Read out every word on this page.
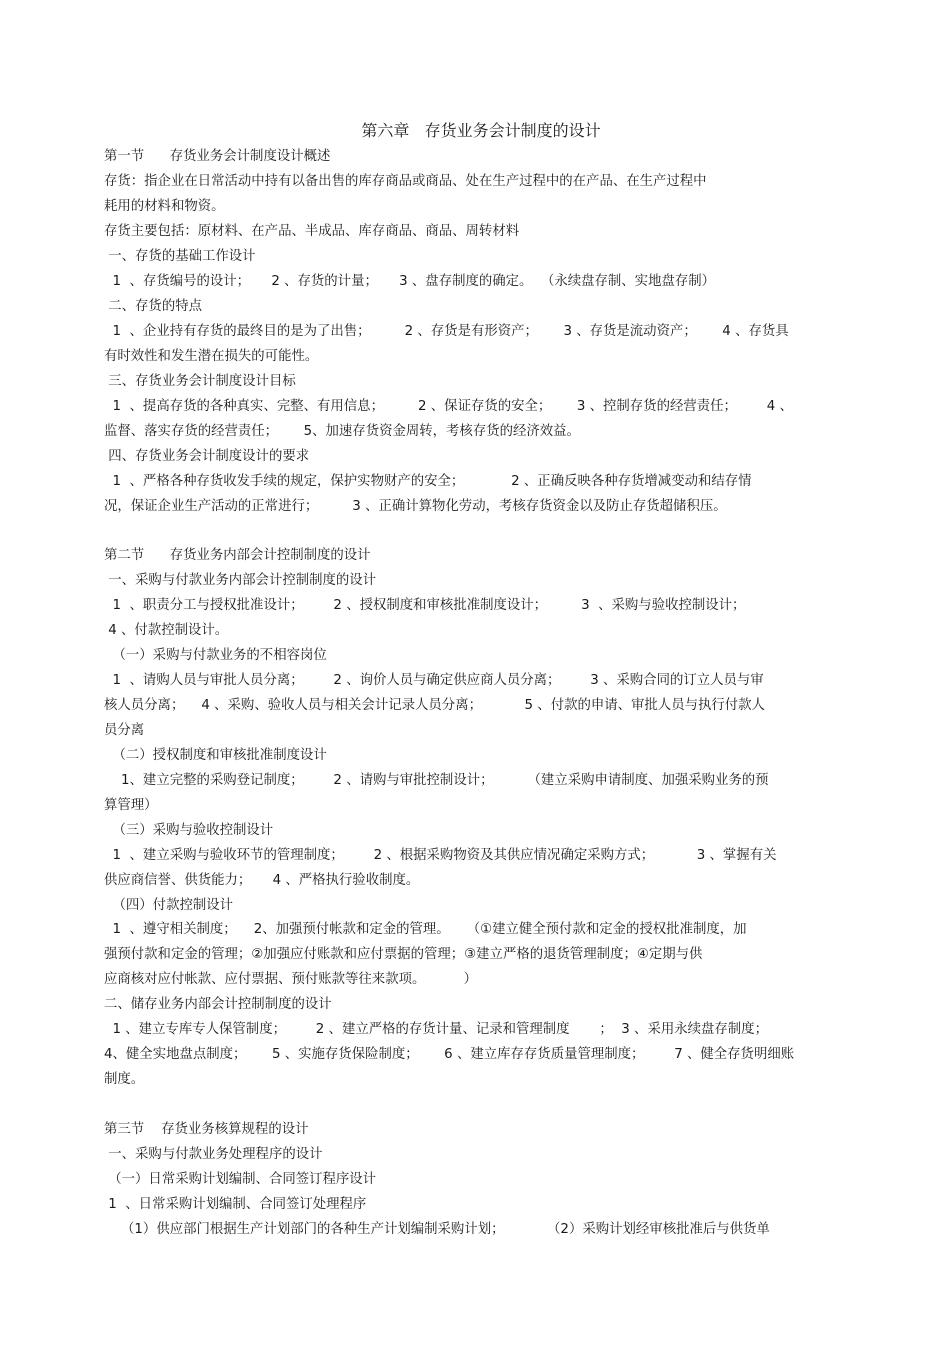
第六章   存货业务会计制度的设计
第一节      存货业务会计制度设计概述
存货：指企业在日常活动中持有以备出售的库存商品或商品、处在生产过程中的在产品、在生产过程中
耗用的材料和物资。
存货主要包括：原材料、在产品、半成品、库存商品、商品、周转材料
一、存货的基础工作设计
1  、存货编号的设计；     2 、存货的计量；     3 、盘存制度的确定。  （永续盘存制、实地盘存制）
二、存货的特点
1  、企业持有存货的最终目的是为了出售；        2 、存货是有形资产；      3 、存货是流动资产；      4 、存货具
有时效性和发生潜在损失的可能性。
三、存货业务会计制度设计目标
1  、提高存货的各种真实、完整、有用信息；        2 、保证存货的安全；      3 、控制存货的经营责任；       4 、
监督、落实存货的经营责任；      5、加速存货资金周转，考核存货的经济效益。
四、存货业务会计制度设计的要求
1  、严格各种存货收发手续的规定，保护实物财产的安全；           2 、正确反映各种存货增减变动和结存情
况，保证企业生产活动的正常进行；        3 、正确计算物化劳动，考核存货资金以及防止存货超储积压。
第二节      存货业务内部会计控制制度的设计
一、采购与付款业务内部会计控制制度的设计
1  、职责分工与授权批准设计；       2 、授权制度和审核批准制度设计；        3  、采购与验收控制设计；
4 、付款控制设计。
（一）采购与付款业务的不相容岗位
1  、请购人员与审批人员分离；       2 、询价人员与确定供应商人员分离；       3 、采购合同的订立人员与审
核人员分离；    4 、采购、验收人员与相关会计记录人员分离；          5 、付款的申请、审批人员与执行付款人
员分离
（二）授权制度和审核批准制度设计
1、建立完整的采购登记制度；       2 、请购与审批控制设计；        （建立采购申请制度、加强采购业务的预
算管理）
（三）采购与验收控制设计
1  、建立采购与验收环节的管理制度；       2 、根据采购物资及其供应情况确定采购方式；          3 、掌握有关
供应商信誉、供货能力；     4 、严格执行验收制度。
（四）付款控制设计
1  、遵守相关制度；    2、加强预付帐款和定金的管理。    （①建立健全预付款和定金的授权批准制度，加
强预付款和定金的管理；②加强应付账款和应付票据的管理；③建立严格的退货管理制度；④定期与供
应商核对应付帐款、应付票据、预付账款等往来款项。         ）
二、储存业务内部会计控制制度的设计
1 、建立专库专人保管制度；       2 、建立严格的存货计量、记录和管理制度       ；  3 、采用永续盘存制度；
4、健全实地盘点制度；      5 、实施存货保险制度；      6 、建立库存存货质量管理制度；       7 、健全存货明细账
制度。
第三节    存货业务核算规程的设计
一、采购与付款业务处理程序的设计
（一）日常采购计划编制、合同签订程序设计
1  、日常采购计划编制、合同签订处理程序
（1）供应部门根据生产计划部门的各种生产计划编制采购计划；          （2）采购计划经审核批准后与供货单
